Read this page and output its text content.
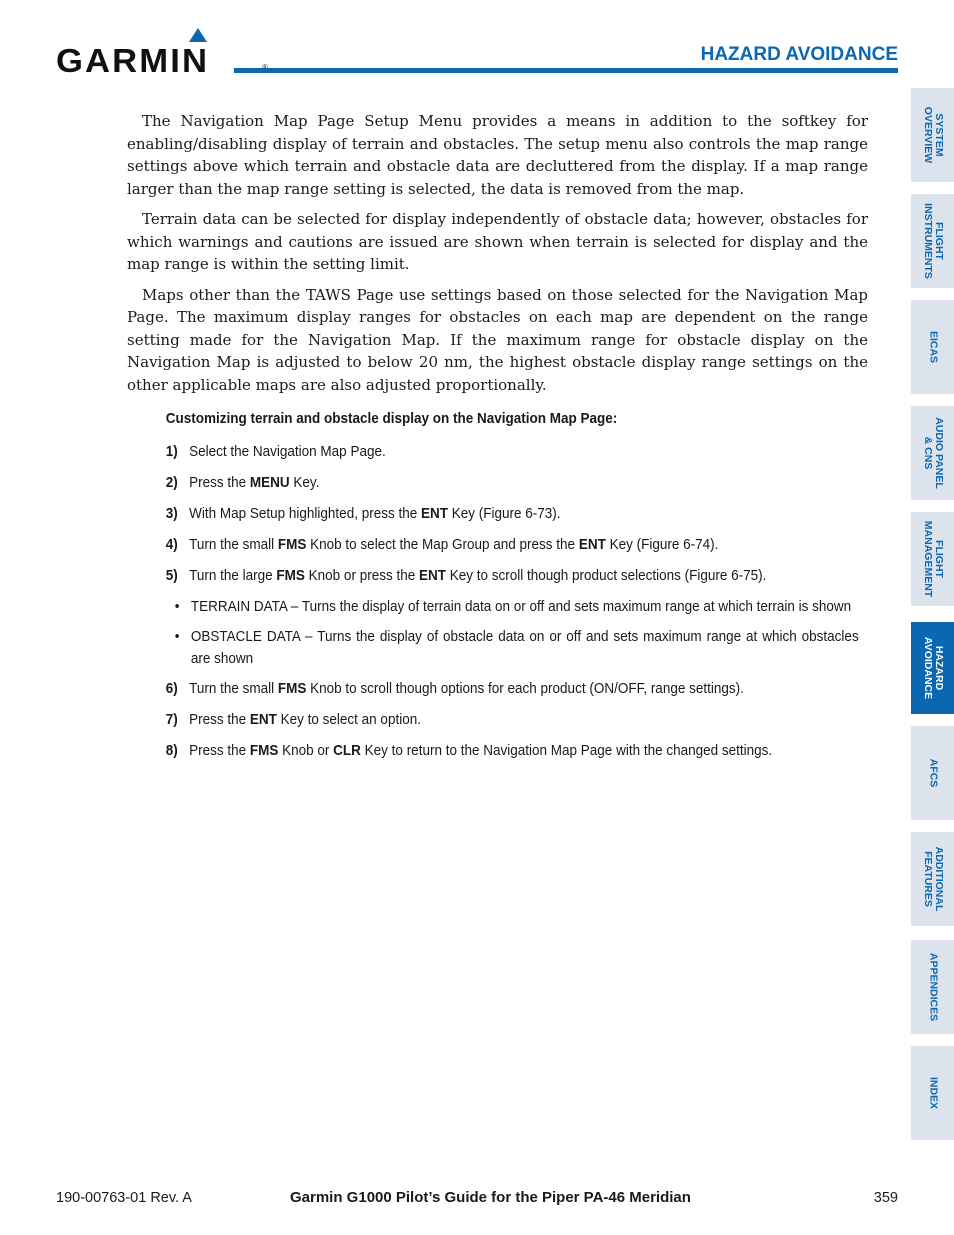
GARMIN	HAZARD AVOIDANCE

The Navigation Map Page Setup Menu provides a means in addition to the softkey for enabling/disabling display of terrain and obstacles. The setup menu also controls the map range settings above which terrain and obstacle data are decluttered from the display. If a map range larger than the map range setting is selected, the data is removed from the map.

Terrain data can be selected for display independently of obstacle data; however, obstacles for which warnings and cautions are issued are shown when terrain is selected for display and the map range is within the setting limit.

Maps other than the TAWS Page use settings based on those selected for the Navigation Map Page. The maximum display ranges for obstacles on each map are dependent on the range setting made for the Navigation Map. If the maximum range for obstacle display on the Navigation Map is adjusted to below 20 nm, the highest obstacle display range settings on the other applicable maps are also adjusted proportionally.

Customizing terrain and obstacle display on the Navigation Map Page:
1) Select the Navigation Map Page.
2) Press the MENU Key.
3) With Map Setup highlighted, press the ENT Key (Figure 6-73).
4) Turn the small FMS Knob to select the Map Group and press the ENT Key (Figure 6-74).
5) Turn the large FMS Knob or press the ENT Key to scroll though product selections (Figure 6-75).
• TERRAIN DATA – Turns the display of terrain data on or off and sets maximum range at which terrain is shown
• OBSTACLE DATA – Turns the display of obstacle data on or off and sets maximum range at which obstacles are shown
6) Turn the small FMS Knob to scroll though options for each product (ON/OFF, range settings).
7) Press the ENT Key to select an option.
8) Press the FMS Knob or CLR Key to return to the Navigation Map Page with the changed settings.
SYSTEM
OVERVIEW
FLIGHT
INSTRUMENTS
EICAS
AUDIO PANEL
& CNS
FLIGHT
MANAGEMENT
HAZARD
AVOIDANCE
AFCS
ADDITIONAL
FEATURES
APPENDICES
INDEX
190-00763-01 Rev. A	Garmin G1000 Pilot’s Guide for the Piper PA-46 Meridian	359
